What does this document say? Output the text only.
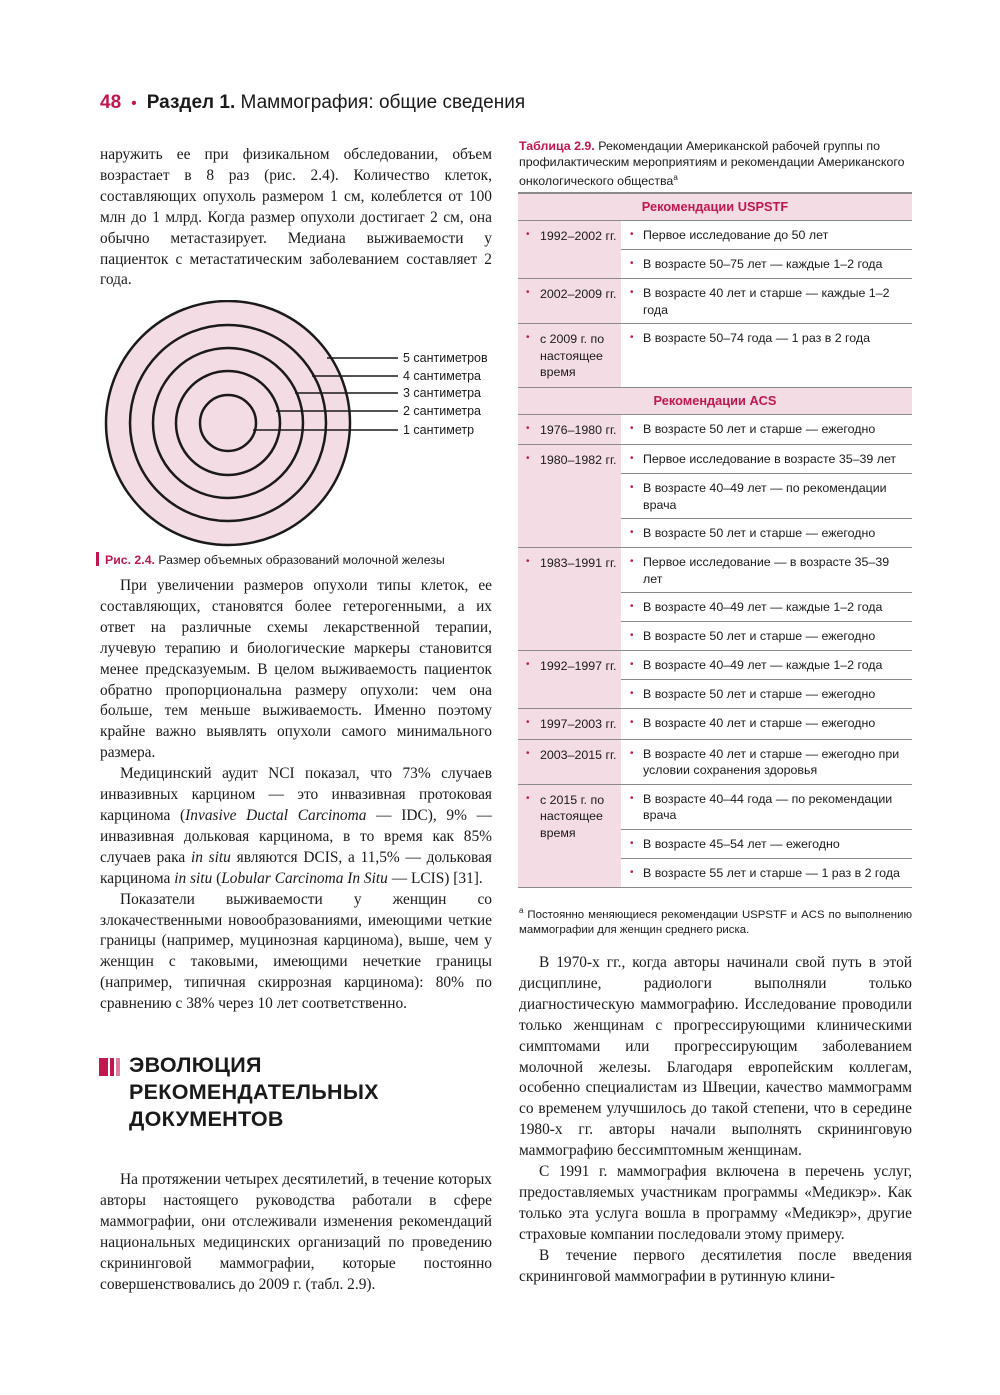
48 • Раздел 1. Маммография: общие сведения

наружить ее при физикальном обследовании, объем возрастает в 8 раз (рис. 2.4). Количество клеток, составляющих опухоль размером 1 см, колеблется от 100 млн до 1 млрд. Когда размер опухоли достигает 2 см, она обычно метастазирует. Медиана выживаемости у пациенток с метастатическим заболеванием составляет 2 года.

5 сантиметров
4 сантиметра
3 сантиметра
2 сантиметра
1 сантиметр
Рис. 2.4. Размер объемных образований молочной железы

При увеличении размеров опухоли типы клеток, ее составляющих, становятся более гетерогенными, а их ответ на различные схемы лекарственной терапии, лучевую терапию и биологические маркеры становится менее предсказуемым. В целом выживаемость пациенток обратно пропорциональна размеру опухоли: чем она больше, тем меньше выживаемость. Именно поэтому крайне важно выявлять опухоли самого минимального размера.

Медицинский аудит NCI показал, что 73% случаев инвазивных карцином — это инвазивная протоковая карцинома (Invasive Ductal Carcinoma — IDC), 9% — инвазивная дольковая карцинома, в то время как 85% случаев рака in situ являются DCIS, а 11,5% — дольковая карцинома in situ (Lobular Carcinoma In Situ — LCIS) [31].

Показатели выживаемости у женщин со злокачественными новообразованиями, имеющими четкие границы (например, муцинозная карцинома), выше, чем у женщин с таковыми, имеющими нечеткие границы (например, типичная скиррозная карцинома): 80% по сравнению с 38% через 10 лет соответственно.

ЭВОЛЮЦИЯ
РЕКОМЕНДАТЕЛЬНЫХ
ДОКУМЕНТОВ

На протяжении четырех десятилетий, в течение которых авторы настоящего руководства работали в сфере маммографии, они отслеживали изменения рекомендаций национальных медицинских организаций по проведению скрининговой маммографии, которые постоянно совершенствовались до 2009 г. (табл. 2.9).

Таблица 2.9. Рекомендации Американской рабочей группы по профилактическим мероприятиям и рекомендации Американского онкологического общества$^a$
Рекомендации USPSTF
• 1992–2002 гг. • Первое исследование до 50 лет
• В возрасте 50–75 лет — каждые 1–2 года
• 2002–2009 гг. • В возрасте 40 лет и старше — каждые 1–2 года
• с 2009 г. по настоящее время
• В возрасте 50–74 года — 1 раз в 2 года
Рекомендации ACS
• 1976–1980 гг. • В возрасте 50 лет и старше — ежегодно
• 1980–1982 гг. • Первое исследование в возрасте 35–39 лет
• В возрасте 40–49 лет — по рекомендации врача
• В возрасте 50 лет и старше — ежегодно
• 1983–1991 гг. • Первое исследование — в возрасте 35–39 лет
• В возрасте 40–49 лет — каждые 1–2 года
• В возрасте 50 лет и старше — ежегодно
• 1992–1997 гг. • В возрасте 40–49 лет — каждые 1–2 года
• В возрасте 50 лет и старше — ежегодно
• 1997–2003 гг. • В возрасте 40 лет и старше — ежегодно
• 2003–2015 гг. • В возрасте 40 лет и старше — ежегодно при условии сохранения здоровья
• с 2015 г. по настоящее время
• В возрасте 40–44 года — по рекомендации врача
• В возрасте 45–54 лет — ежегодно
• В возрасте 55 лет и старше — 1 раз в 2 года
$^a$ Постоянно меняющиеся рекомендации USPSTF и ACS по выполнению маммографии для женщин среднего риска.

В 1970-х гг., когда авторы начинали свой путь в этой дисциплине, радиологи выполняли только диагностическую маммографию. Исследование проводили только женщинам с прогрессирующими клиническими симптомами или прогрессирующим заболеванием молочной железы. Благодаря европейским коллегам, особенно специалистам из Швеции, качество маммограмм со временем улучшилось до такой степени, что в середине 1980-х гг. авторы начали выполнять скрининговую маммографию бессимптомным женщинам.

С 1991 г. маммография включена в перечень услуг, предоставляемых участникам программы «Медикэр». Как только эта услуга вошла в программу «Медикэр», другие страховые компании последовали этому примеру.

В течение первого десятилетия после введения скрининговой маммографии в рутинную клини-
